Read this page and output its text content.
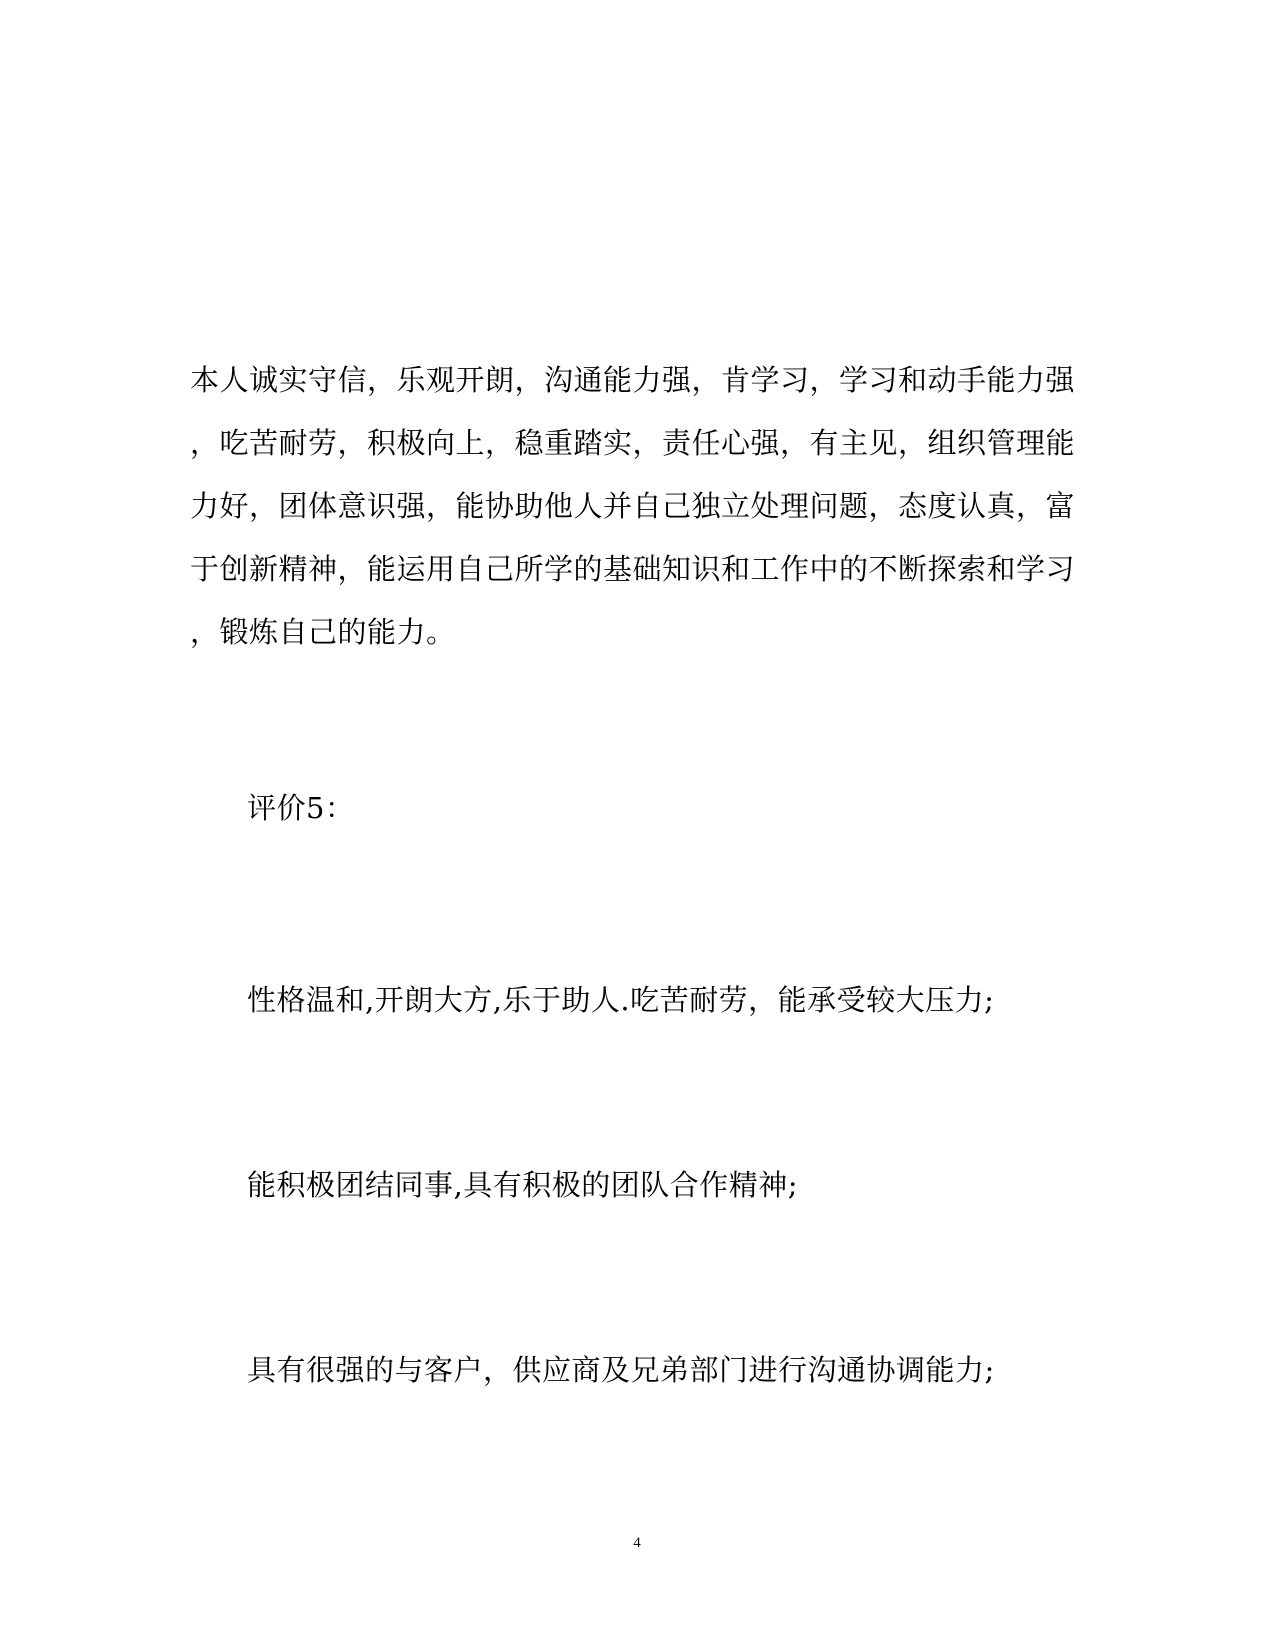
本人诚实守信，乐观开朗，沟通能力强，肯学习，学习和动手能力强
，吃苦耐劳，积极向上，稳重踏实，责任心强，有主见，组织管理能
力好，团体意识强，能协助他人并自己独立处理问题，态度认真，富
于创新精神，能运用自己所学的基础知识和工作中的不断探索和学习
，锻炼自己的能力。
评价5：
性格温和,开朗大方,乐于助人.吃苦耐劳，能承受较大压力;
能积极团结同事,具有积极的团队合作精神;
具有很强的与客户，供应商及兄弟部门进行沟通协调能力;
4
